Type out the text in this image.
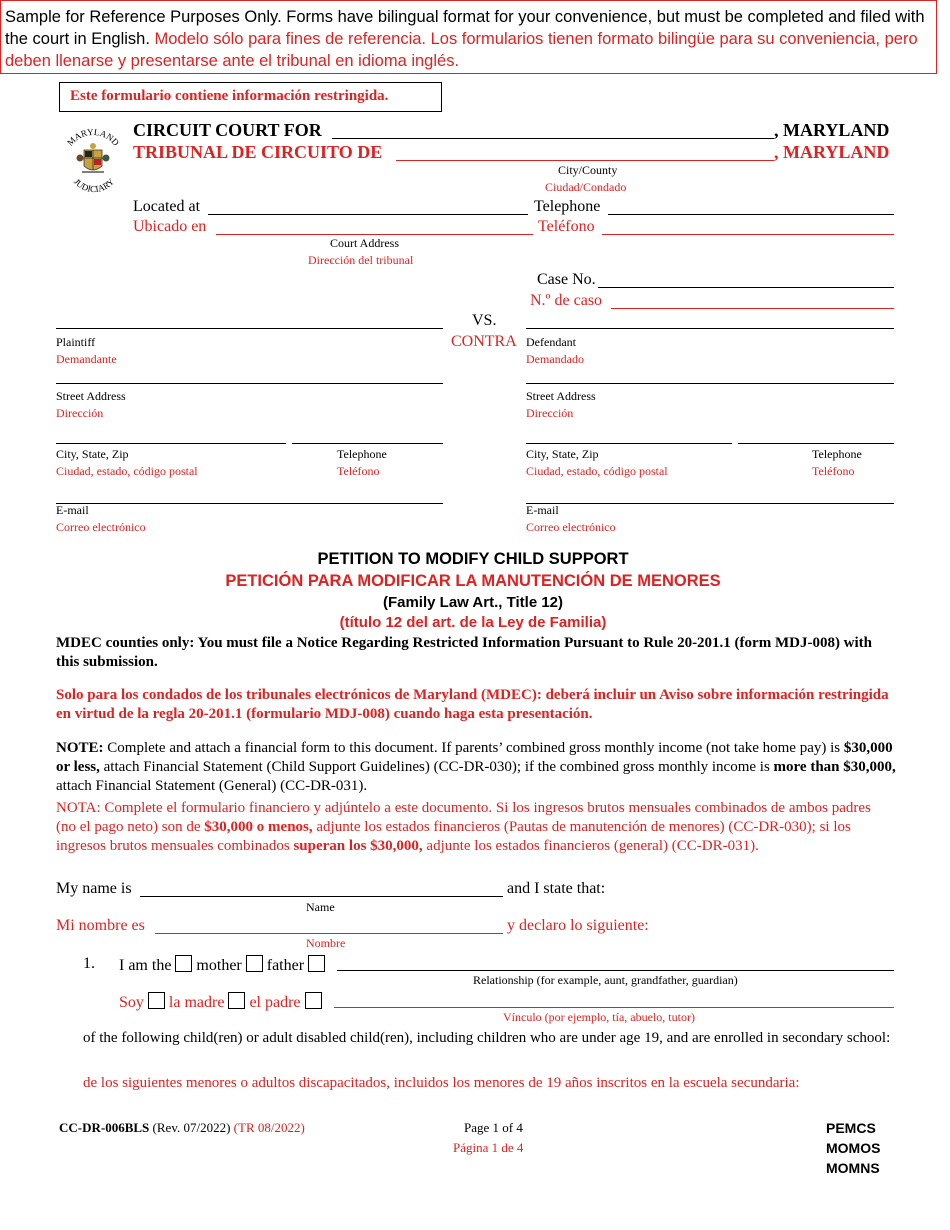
Sample for Reference Purposes Only. Forms have bilingual format for your convenience, but must be completed and filed with the court in English. Modelo sólo para fines de referencia. Los formularios tienen formato bilingüe para su conveniencia, pero deben llenarse y presentarse ante el tribunal en idioma inglés.
Este formulario contiene información restringida.
MARYLAND
JUDICIARY
CIRCUIT COURT FOR	, MARYLAND
TRIBUNAL DE CIRCUITO DE	, MARYLAND
City/County
Ciudad/Condado
Located at	Telephone
Ubicado en	Teléfono
Court Address
Dirección del tribunal
Case No.
N.º de caso
VS.
CONTRA
Plaintiff
Demandante
Street Address
Dirección
City, State, Zip	Telephone
Ciudad, estado, código postal	Teléfono
E-mail
Correo electrónico
Defendant
Demandado
Street Address
Dirección
City, State, Zip	Telephone
Ciudad, estado, código postal	Teléfono
E-mail
Correo electrónico
PETITION TO MODIFY CHILD SUPPORT
PETICIÓN PARA MODIFICAR LA MANUTENCIÓN DE MENORES
(Family Law Art., Title 12)
(título 12 del art. de la Ley de Familia)
MDEC counties only: You must file a Notice Regarding Restricted Information Pursuant to Rule 20-201.1 (form MDJ-008) with this submission.
Solo para los condados de los tribunales electrónicos de Maryland (MDEC): deberá incluir un Aviso sobre información restringida en virtud de la regla 20-201.1 (formulario MDJ-008) cuando haga esta presentación.
NOTE: Complete and attach a financial form to this document. If parents’ combined gross monthly income (not take home pay) is $30,000 or less, attach Financial Statement (Child Support Guidelines) (CC-DR-030); if the combined gross monthly income is more than $30,000, attach Financial Statement (General) (CC-DR-031).
NOTA: Complete el formulario financiero y adjúntelo a este documento. Si los ingresos brutos mensuales combinados de ambos padres (no el pago neto) son de $30,000 o menos, adjunte los estados financieros (Pautas de manutención de menores) (CC-DR-030); si los ingresos brutos mensuales combinados superan los $30,000, adjunte los estados financieros (general) (CC-DR-031).
My name is	and I state that:
Name
Mi nombre es	y declaro lo siguiente:
Nombre
1. I am the mother father
Relationship (for example, aunt, grandfather, guardian)
Soy la madre el padre
Vínculo (por ejemplo, tía, abuelo, tutor)
of the following child(ren) or adult disabled child(ren), including children who are under age 19, and are enrolled in secondary school:
de los siguientes menores o adultos discapacitados, incluidos los menores de 19 años inscritos en la escuela secundaria:
CC-DR-006BLS (Rev. 07/2022) (TR 08/2022)	Page 1 of 4
Página 1 de 4
PEMCS
MOMOS
MOMNS
